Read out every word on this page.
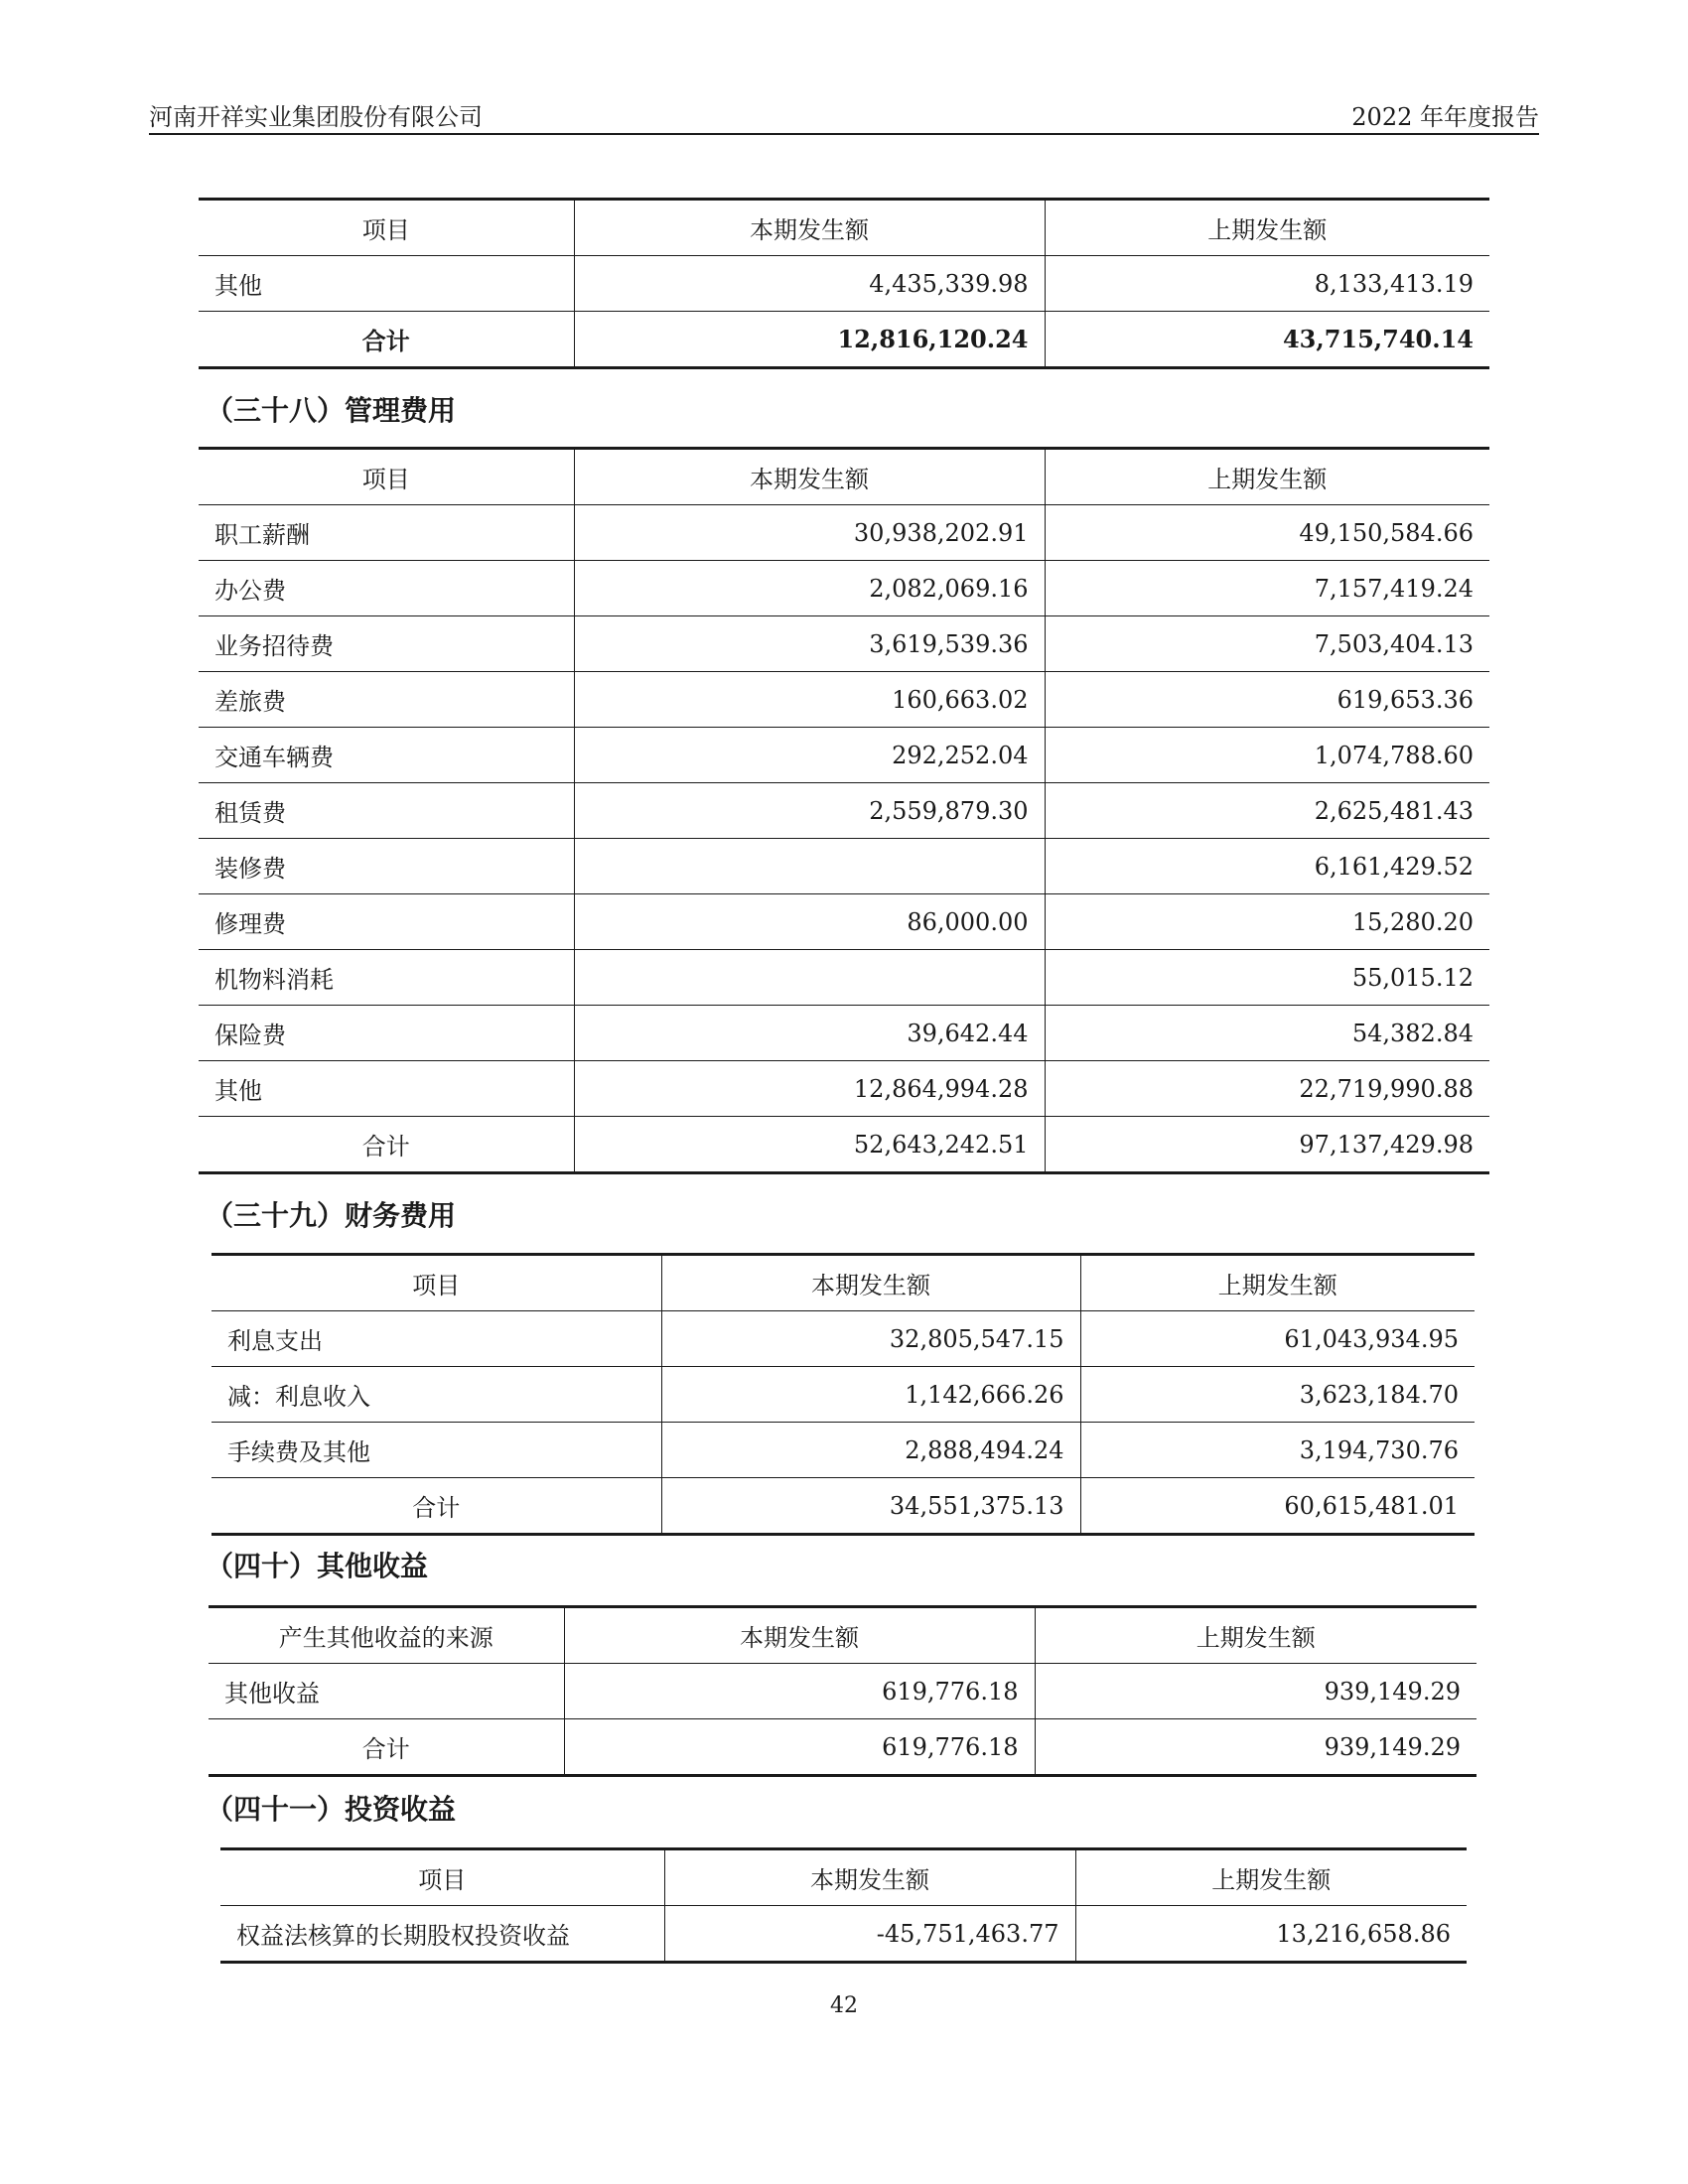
河南开祥实业集团股份有限公司	2022 年年度报告
项目	本期发生额	上期发生额
其他	4,435,339.98	8,133,413.19
合计	12,816,120.24	43,715,740.14
（三十八）管理费用
项目	本期发生额	上期发生额
职工薪酬	30,938,202.91	49,150,584.66
办公费	2,082,069.16	7,157,419.24
业务招待费	3,619,539.36	7,503,404.13
差旅费	160,663.02	619,653.36
交通车辆费	292,252.04	1,074,788.60
租赁费	2,559,879.30	2,625,481.43
装修费		6,161,429.52
修理费	86,000.00	15,280.20
机物料消耗		55,015.12
保险费	39,642.44	54,382.84
其他	12,864,994.28	22,719,990.88
合计	52,643,242.51	97,137,429.98
（三十九）财务费用
项目	本期发生额	上期发生额
利息支出	32,805,547.15	61,043,934.95
减：利息收入	1,142,666.26	3,623,184.70
手续费及其他	2,888,494.24	3,194,730.76
合计	34,551,375.13	60,615,481.01
（四十）其他收益
产生其他收益的来源	本期发生额	上期发生额
其他收益	619,776.18	939,149.29
合计	619,776.18	939,149.29
（四十一）投资收益
项目	本期发生额	上期发生额
权益法核算的长期股权投资收益	-45,751,463.77	13,216,658.86
42
